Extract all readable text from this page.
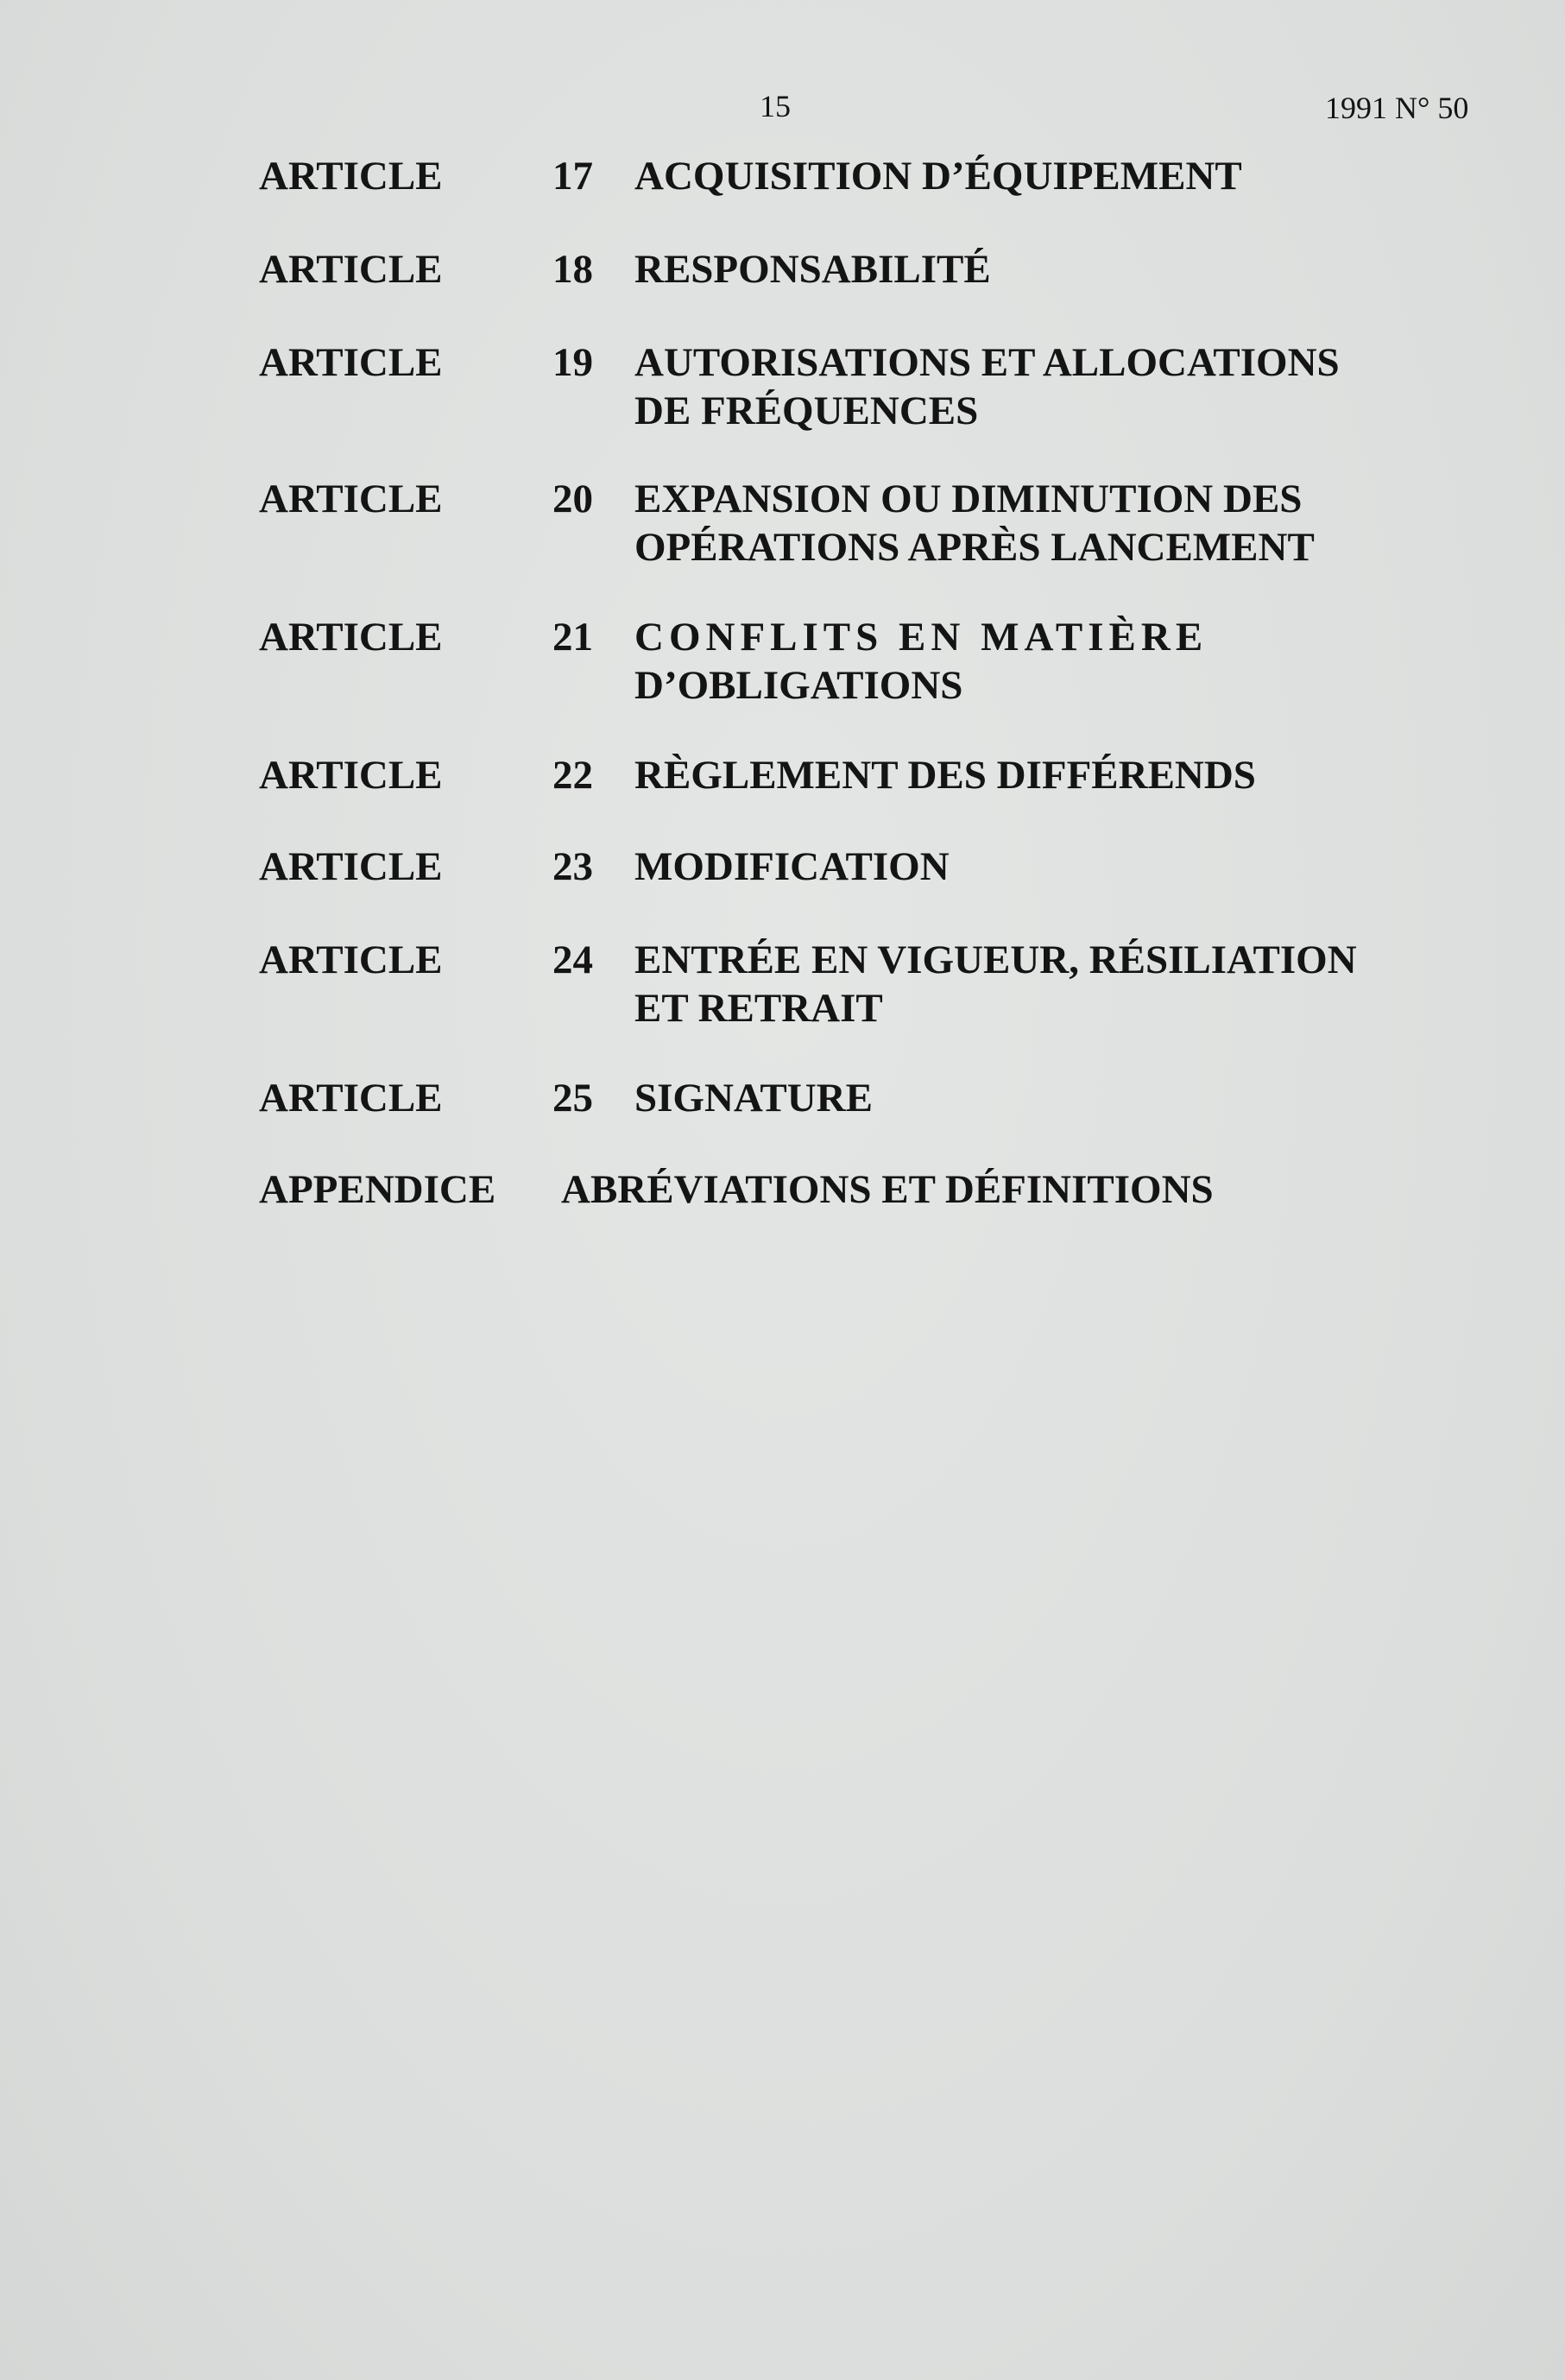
15	1991 N° 50
ARTICLE	17 ACQUISITION D’ÉQUIPEMENT
ARTICLE	18 RESPONSABILITÉ
ARTICLE	19 AUTORISATIONS ET ALLOCATIONS
DE FRÉQUENCES
ARTICLE	20 EXPANSION OU DIMINUTION DES
OPÉRATIONS APRÈS LANCEMENT
ARTICLE	21 CONFLITS EN MATIÈRE
D’OBLIGATIONS
ARTICLE	22 RÈGLEMENT DES DIFFÉRENDS
ARTICLE	23 MODIFICATION
ARTICLE	24 ENTRÉE EN VIGUEUR, RÉSILIATION
ET RETRAIT
ARTICLE	25 SIGNATURE
APPENDICE ABRÉVIATIONS ET DÉFINITIONS
